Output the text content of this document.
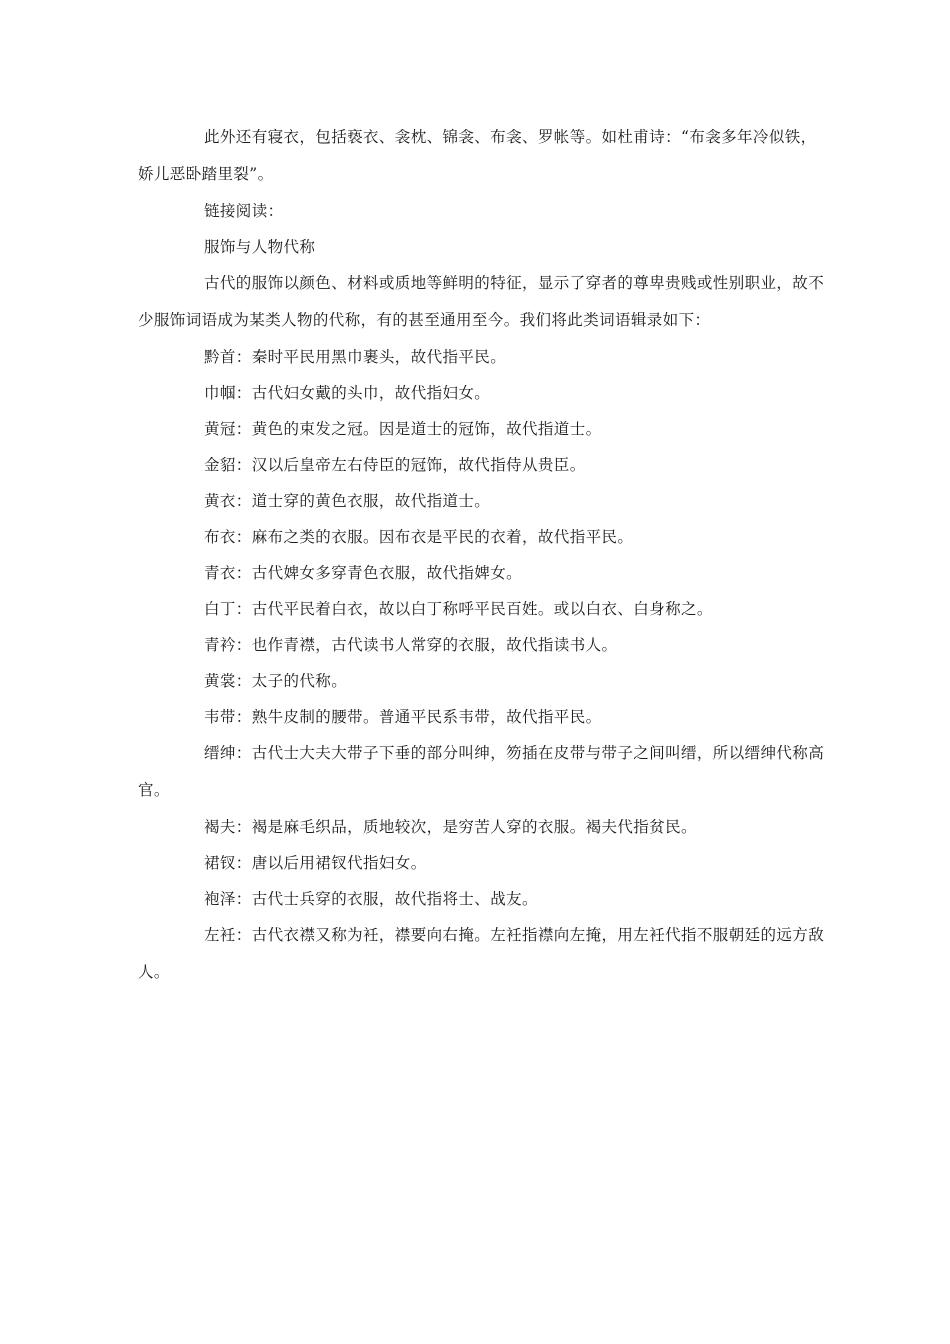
此外还有寝衣，包括亵衣、衾枕、锦衾、布衾、罗帐等。如杜甫诗：“布衾多年冷似铁，娇儿恶卧踏里裂”。

链接阅读：

服饰与人物代称

古代的服饰以颜色、材料或质地等鲜明的特征，显示了穿者的尊卑贵贱或性别职业，故不少服饰词语成为某类人物的代称，有的甚至通用至今。我们将此类词语辑录如下：

黔首：秦时平民用黑巾裹头，故代指平民。

巾帼：古代妇女戴的头巾，故代指妇女。

黄冠：黄色的束发之冠。因是道士的冠饰，故代指道士。

金貂：汉以后皇帝左右侍臣的冠饰，故代指侍从贵臣。

黄衣：道士穿的黄色衣服，故代指道士。

布衣：麻布之类的衣服。因布衣是平民的衣着，故代指平民。

青衣：古代婢女多穿青色衣服，故代指婢女。

白丁：古代平民着白衣，故以白丁称呼平民百姓。或以白衣、白身称之。

青衿：也作青襟，古代读书人常穿的衣服，故代指读书人。

黄裳：太子的代称。

韦带：熟牛皮制的腰带。普通平民系韦带，故代指平民。

缙绅：古代士大夫大带子下垂的部分叫绅，笏插在皮带与带子之间叫缙，所以缙绅代称高官。

褐夫：褐是麻毛织品，质地较次，是穷苦人穿的衣服。褐夫代指贫民。

裙钗：唐以后用裙钗代指妇女。

袍泽：古代士兵穿的衣服，故代指将士、战友。

左衽：古代衣襟又称为衽，襟要向右掩。左衽指襟向左掩，用左衽代指不服朝廷的远方敌人。
